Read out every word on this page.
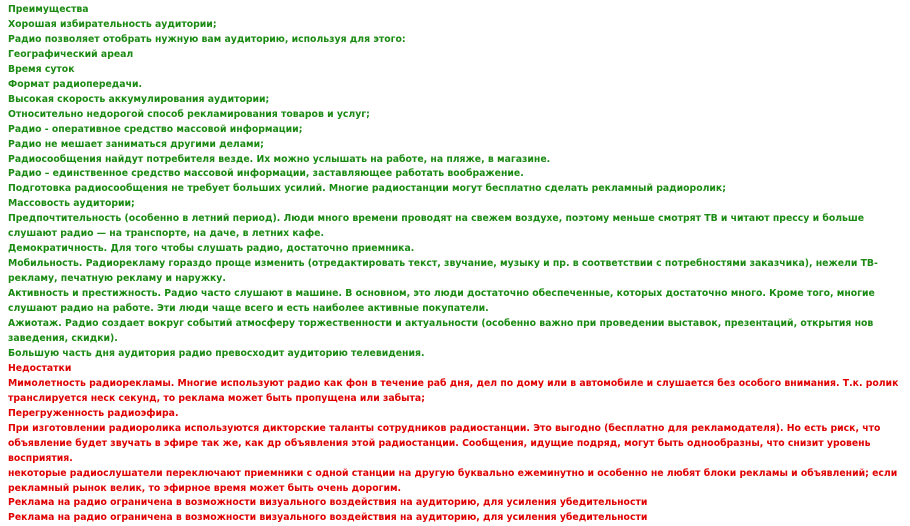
Преимущества
Хорошая избирательность аудитории;
Радио позволяет отобрать нужную вам аудиторию, используя для этого:
Географический ареал
Время суток
Формат радиопередачи.
Высокая скорость аккумулирования аудитории;
Относительно недорогой способ рекламирования товаров и услуг;
Радио - оперативное средство массовой информации;
Радио не мешает заниматься другими делами;
Радиосообщения найдут потребителя везде. Их можно услышать на работе, на пляже, в магазине.
Радио – единственное средство массовой информации, заставляющее работать воображение.
Подготовка радиосообщения не требует больших усилий. Многие радиостанции могут бесплатно сделать рекламный радиоролик;
Массовость аудитории;
Предпочтительность (особенно в летний период). Люди много времени проводят на свежем воздухе, поэтому меньше смотрят ТВ и читают прессу и больше слушают радио — на транспорте, на даче, в летних кафе.
Демократичность. Для того чтобы слушать радио, достаточно приемника.
Мобильность. Радиорекламу гораздо проще изменить (отредактировать текст, звучание, музыку и пр. в соответствии с потребностями заказчика), нежели ТВ-рекламу, печатную рекламу и наружку.
Активность и престижность. Радио часто слушают в машине. В основном, это люди достаточно обеспеченные, которых достаточно много. Кроме того, многие слушают радио на работе. Эти люди чаще всего и есть наиболее активные покупатели.
Ажиотаж. Радио создает вокруг событий атмосферу торжественности и актуальности (особенно важно при проведении выставок, презентаций, открытия нов заведения, скидки).
Большую часть дня аудитория радио превосходит аудиторию телевидения.
Недостатки
Мимолетность радиорекламы. Многие используют радио как фон в течение раб дня, дел по дому или в автомобиле и слушается без особого внимания. Т.к. ролик транслируется неск секунд, то реклама может быть пропущена или забыта;
Перегруженность радиоэфира.
При изготовлении радиоролика используются дикторские таланты сотрудников радиостанции. Это выгодно (бесплатно для рекламодателя). Но есть риск, что объявление будет звучать в эфире так же, как др объявления этой радиостанции. Сообщения, идущие подряд, могут быть однообразны, что снизит уровень восприятия.
некоторые радиослушатели переключают приемники с одной станции на другую буквально ежеминутно и особенно не любят блоки рекламы и объявлений; если рекламный рынок велик, то эфирное время может быть очень дорогим.
Реклама на радио ограничена в возможности визуального воздействия на аудиторию, для усиления убедительности
Реклама на радио ограничена в возможности визуального воздействия на аудиторию, для усиления убедительности
